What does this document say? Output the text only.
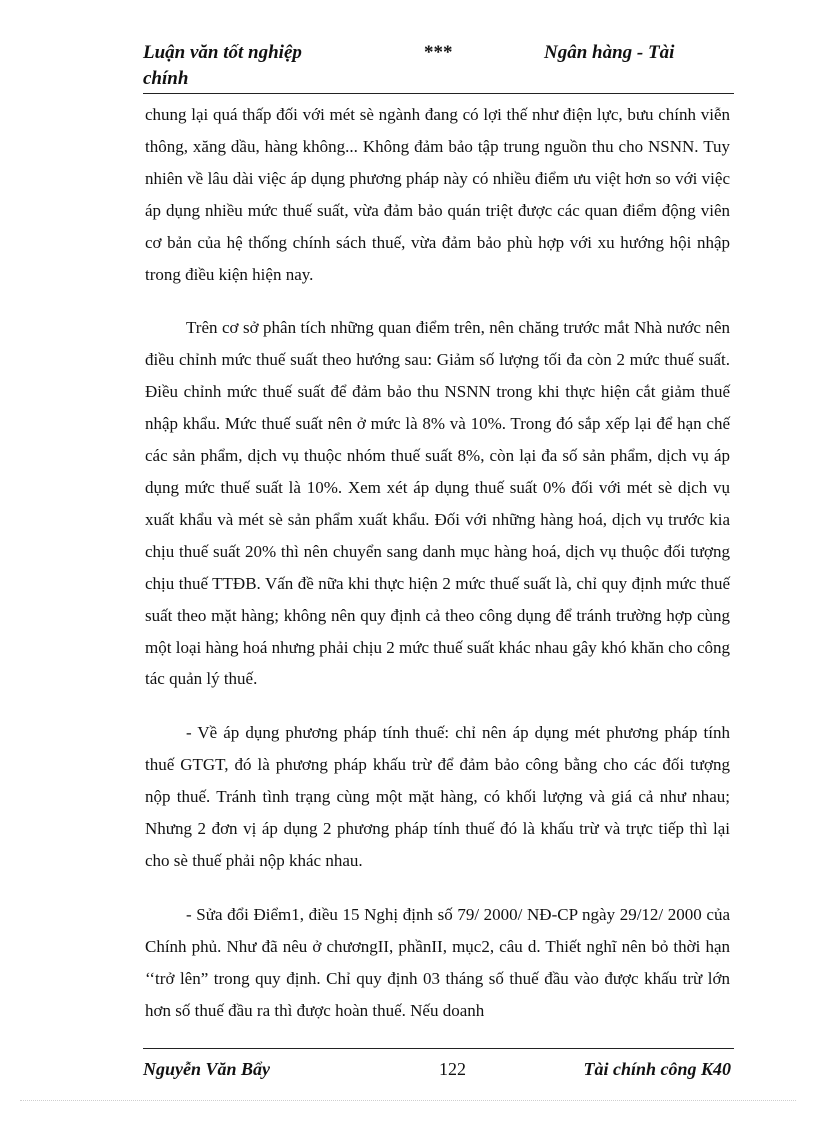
Luận văn tốt nghiệp	***	Ngân hàng - Tài
chính

chung lại quá thấp đối với mét sè ngành đang có lợi thế như điện lực, bưu chính viễn thông, xăng dầu, hàng không... Không đảm bảo tập trung nguồn thu cho NSNN. Tuy nhiên về lâu dài việc áp dụng phương pháp này có nhiều điểm ưu việt hơn so với việc áp dụng nhiều mức thuế suất, vừa đảm bảo quán triệt được các quan điểm động viên cơ bản của hệ thống chính sách thuế, vừa đảm bảo phù hợp với xu hướng hội nhập trong điều kiện hiện nay.

Trên cơ sở phân tích những quan điểm trên, nên chăng trước mắt Nhà nước nên điều chỉnh mức thuế suất theo hướng sau: Giảm số lượng tối đa còn 2 mức thuế suất. Điều chỉnh mức thuế suất để đảm bảo thu NSNN trong khi thực hiện cắt giảm thuế nhập khẩu. Mức thuế suất nên ở mức là 8% và 10%. Trong đó sắp xếp lại để hạn chế các sản phẩm, dịch vụ thuộc nhóm thuế suất 8%, còn lại đa số sản phẩm, dịch vụ áp dụng mức thuế suất là 10%. Xem xét áp dụng thuế suất 0% đối với mét sè dịch vụ xuất khẩu và mét sè sản phẩm xuất khẩu. Đối với những hàng hoá, dịch vụ trước kia chịu thuế suất 20% thì nên chuyển sang danh mục hàng hoá, dịch vụ thuộc đối tượng chịu thuế TTĐB. Vấn đề nữa khi thực hiện 2 mức thuế suất là, chỉ quy định mức thuế suất theo mặt hàng; không nên quy định cả theo công dụng để tránh trường hợp cùng một loại hàng hoá nhưng phải chịu 2 mức thuế suất khác nhau gây khó khăn cho công tác quản lý thuế.

- Về áp dụng phương pháp tính thuế: chỉ nên áp dụng mét phương pháp tính thuế GTGT, đó là phương pháp khấu trừ để đảm bảo công bằng cho các đối tượng nộp thuế. Tránh tình trạng cùng một mặt hàng, có khối lượng và giá cả như nhau; Nhưng 2 đơn vị áp dụng 2 phương pháp tính thuế đó là khấu trừ và trực tiếp thì lại cho sè thuế phải nộp khác nhau.

- Sửa đổi Điểm1, điều 15 Nghị định số 79/ 2000/ NĐ-CP ngày 29/12/ 2000 của Chính phủ. Như đã nêu ở chươngII, phầnII, mục2, câu d. Thiết nghĩ nên bỏ thời hạn ‘‘trở lên” trong quy định. Chỉ quy định 03 tháng số thuế đầu vào được khấu trừ lớn hơn số thuế đầu ra thì được hoàn thuế. Nếu doanh

Nguyễn Văn Bẩy	122	Tài chính công K40
